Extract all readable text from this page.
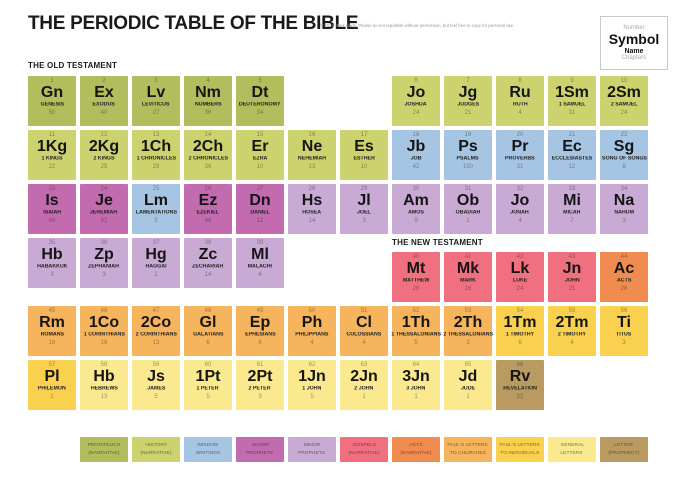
THE PERIODIC TABLE OF THE BIBLE
© 2014 Mark Barry. Please do not republish without permission, but feel free to copy for personal use.	Number
Symbol
Name
Chapters
THE OLD TESTAMENT
THE NEW TESTAMENT
1
Gn
GENESIS
50
2
Ex
EXODUS
40
3
Lv
LEVITICUS
27
4
Nm
NUMBERS
36
5
Dt
DEUTERONOMY
34
6
Jo
JOSHUA
24
7
Jg
JUDGES
21
8
Ru
RUTH
4
9
1Sm
1 SAMUEL
31
10
2Sm
2 SAMUEL
24
11
1Kg
1 KINGS
22
12
2Kg
2 KINGS
25
13
1Ch
1 CHRONICLES
29
14
2Ch
2 CHRONICLES
36
15
Er
EZRA
10
16
Ne
NEHEMIAH
13
17
Es
ESTHER
10
18
Jb
JOB
42
19
Ps
PSALMS
150
20
Pr
PROVERBS
31
21
Ec
ECCLESIASTES
12
22
Sg
SONG OF SONGS
8
23
Is
ISAIAH
66
24
Je
JEREMIAH
52
25
Lm
LAMENTATIONS
5
26
Ez
EZEKIEL
48
27
Dn
DANIEL
12
28
Hs
HOSEA
14
29
Jl
JOEL
3
30
Am
AMOS
9
31
Ob
OBADIAH
1
32
Jo
JONAH
4
33
Mi
MICAH
7
34
Na
NAHUM
3
35
Hb
HABAKKUK
3
36
Zp
ZEPHANIAH
3
37
Hg
HAGGAI
2
38
Zc
ZECHARIAH
14
39
Ml
MALACHI
4
40
Mt
MATTHEW
28
41
Mk
MARK
16
42
Lk
LUKE
24
43
Jn
JOHN
21
44
Ac
ACTS
28
45
Rm
ROMANS
16
46
1Co
1 CORINTHIANS
16
47
2Co
2 CORINTHIANS
13
48
Gl
GALATIANS
6
49
Ep
EPHESIANS
6
50
Ph
PHILIPPIANS
4
51
Cl
COLOSSIANS
4
52
1Th
1 THESSALONIANS
5
53
2Th
2 THESSALONIANS
3
54
1Tm
1 TIMOTHY
6
55
2Tm
2 TIMOTHY
4
56
Ti
TITUS
3
57
Pl
PHILEMON
1
58
Hb
HEBREWS
13
59
Js
JAMES
5
60
1Pt
1 PETER
5
61
2Pt
2 PETER
3
62
1Jn
1 JOHN
5
63
2Jn
2 JOHN
1
64
3Jn
3 JOHN
1
65
Jd
JUDE
1
66
Rv
REVELATION
22
PENTATEUCH
(NARRATIVE)
HISTORY
(NARRATIVE)
WISDOM
WRITINGS
MAJOR
PROPHETS
MINOR
PROPHETS
GOSPELS
(NARRATIVE)
ACTS
(NARRATIVE)
PAUL'S LETTERS
TO CHURCHES
PAUL'S LETTERS
TO INDIVIDUALS
GENERAL
LETTERS
LETTER
(PROPHECY)
